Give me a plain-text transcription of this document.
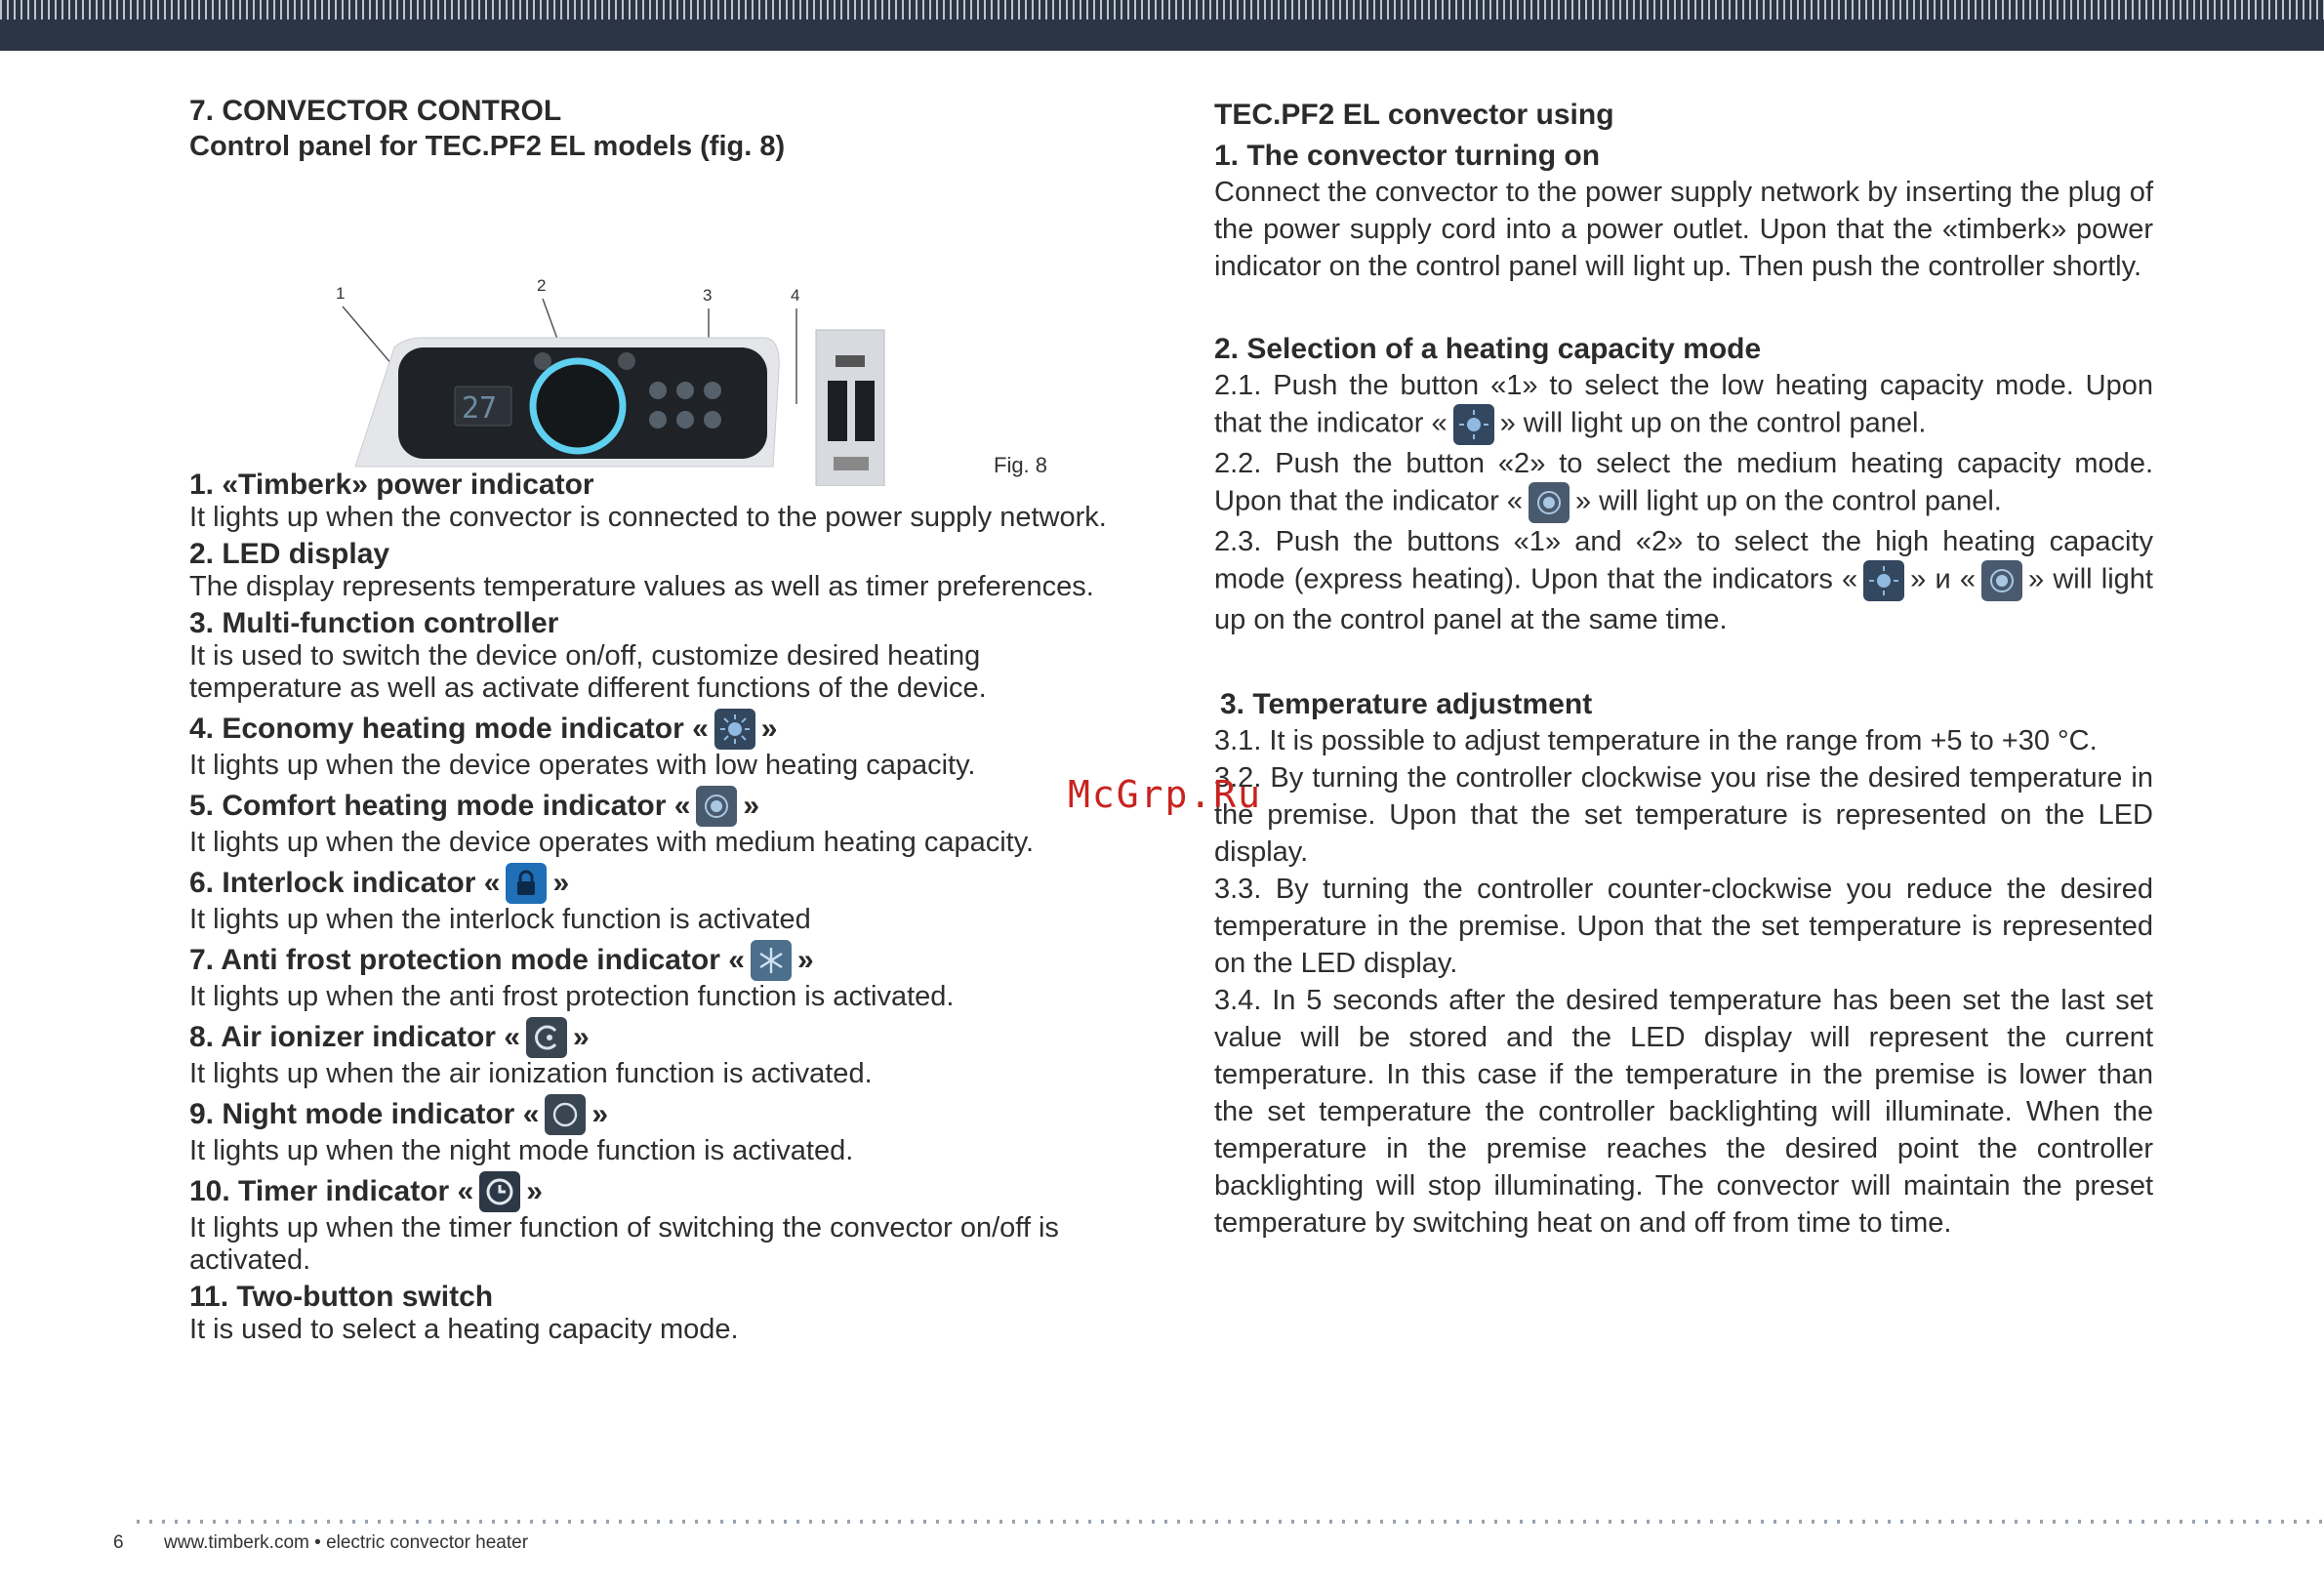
7. CONVECTOR CONTROL

Control panel for TEC.PF2 EL models (fig. 8)

1	2
3	4
27
Fig. 8

1. «Timberk» power indicator

It lights up when the convector is connected to the power supply network.

2. LED display

The display represents temperature values as well as timer preferences.

3. Multi-function controller

It is used to switch the device on/off, customize desired heating temperature as well as activate different functions of the device.

4. Economy heating mode indicator « »

It lights up when the device operates with low heating capacity.

5. Comfort heating mode indicator « »

It lights up when the device operates with medium heating capacity.

6. Interlock indicator « »

It lights up when the interlock function is activated

7. Anti frost protection mode indicator « »

It lights up when the anti frost protection function is activated.

8. Air ionizer indicator « »

It lights up when the air ionization function is activated.

9. Night mode indicator « »

It lights up when the night mode function is activated.

10. Timer indicator « »

It lights up when the timer function of switching the convector on/off is activated.

11. Two-button switch

It is used to select a heating capacity mode.

TEC.PF2 EL convector using

1. The convector turning on

Connect the convector to the power supply network by inserting the plug of the power supply cord into a power outlet. Upon that the «timberk» power indicator on the control panel will light up. Then push the controller shortly.

2. Selection of a heating capacity mode

2.1. Push the button «1» to select the low heating capacity mode. Upon that the indicator « » will light up on the control panel.

2.2. Push the button «2» to select the medium heating capacity mode. Upon that the indicator « » will light up on the control panel.

2.3. Push the buttons «1» and «2» to select the high heating capacity mode (express heating). Upon that the indicators « » и « » will light up on the control panel at the same time.

3. Temperature adjustment

3.1. It is possible to adjust temperature in the range from +5 to +30 °C.

3.2. By turning the controller clockwise you rise the desired temperature in the premise. Upon that the set temperature is represented on the LED display.

3.3. By turning the controller counter-clockwise you reduce the desired temperature in the premise. Upon that the set temperature is represented on the LED display.

3.4. In 5 seconds after the desired temperature has been set the last set value will be stored and the LED display will represent the current temperature. In this case if the temperature in the premise is lower than the set temperature the controller backlighting will illuminate. When the temperature in the premise reaches the desired point the controller backlighting will stop illuminating. The convector will maintain the preset temperature by switching heat on and off from time to time.

McGrp.Ru
6 www.timberk.com • electric convector heater
